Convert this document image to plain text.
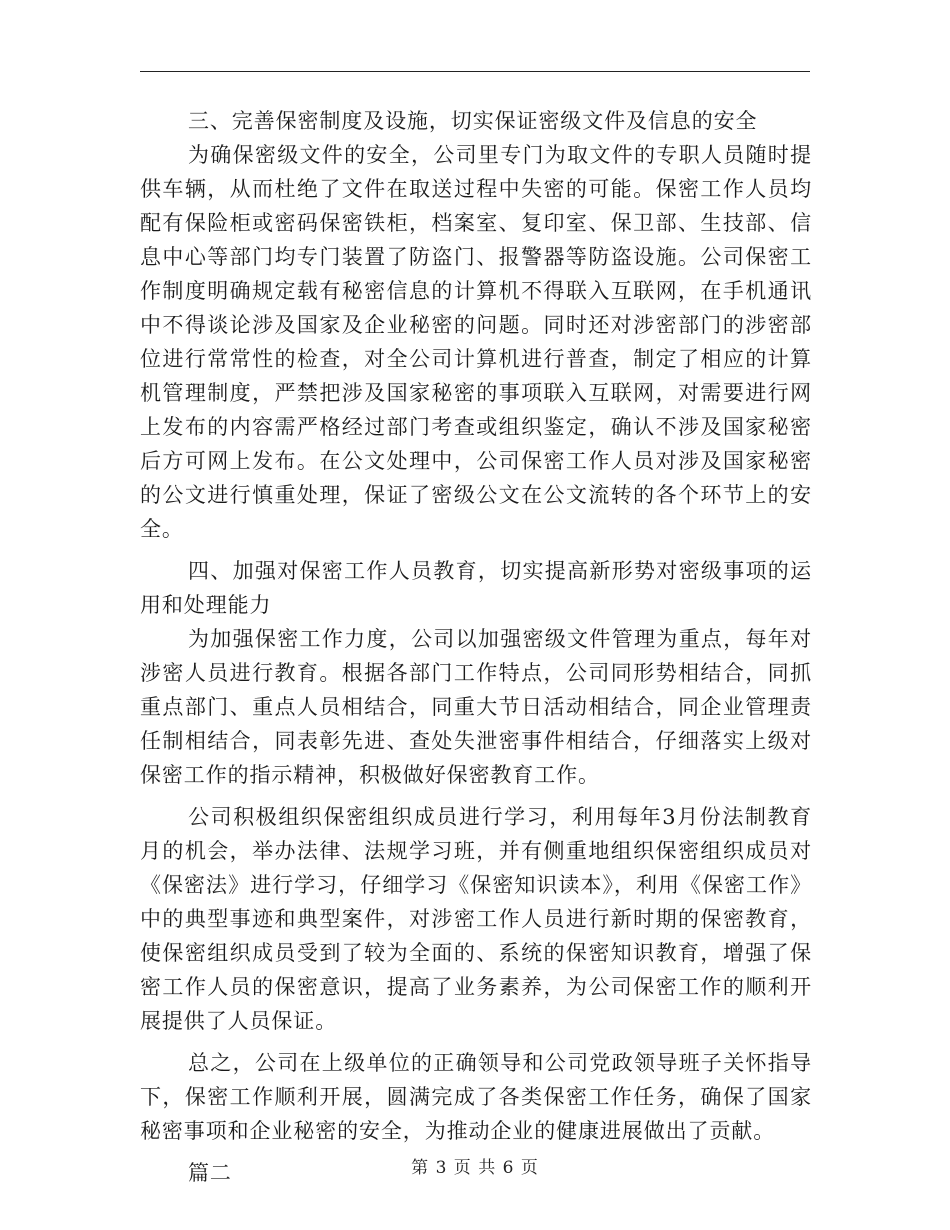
三、完善保密制度及设施，切实保证密级文件及信息的安全

为确保密级文件的安全，公司里专门为取文件的专职人员随时提供车辆，从而杜绝了文件在取送过程中失密的可能。保密工作人员均配有保险柜或密码保密铁柜，档案室、复印室、保卫部、生技部、信息中心等部门均专门装置了防盗门、报警器等防盗设施。公司保密工作制度明确规定载有秘密信息的计算机不得联入互联网，在手机通讯中不得谈论涉及国家及企业秘密的问题。同时还对涉密部门的涉密部位进行常常性的检查，对全公司计算机进行普查，制定了相应的计算机管理制度，严禁把涉及国家秘密的事项联入互联网，对需要进行网上发布的内容需严格经过部门考查或组织鉴定，确认不涉及国家秘密后方可网上发布。在公文处理中，公司保密工作人员对涉及国家秘密的公文进行慎重处理，保证了密级公文在公文流转的各个环节上的安全。

四、加强对保密工作人员教育，切实提高新形势对密级事项的运用和处理能力

为加强保密工作力度，公司以加强密级文件管理为重点，每年对涉密人员进行教育。根据各部门工作特点，公司同形势相结合，同抓重点部门、重点人员相结合，同重大节日活动相结合，同企业管理责任制相结合，同表彰先进、查处失泄密事件相结合，仔细落实上级对保密工作的指示精神，积极做好保密教育工作。

公司积极组织保密组织成员进行学习，利用每年3月份法制教育月的机会，举办法律、法规学习班，并有侧重地组织保密组织成员对《保密法》进行学习，仔细学习《保密知识读本》，利用《保密工作》中的典型事迹和典型案件，对涉密工作人员进行新时期的保密教育，使保密组织成员受到了较为全面的、系统的保密知识教育，增强了保密工作人员的保密意识，提高了业务素养，为公司保密工作的顺利开展提供了人员保证。

总之，公司在上级单位的正确领导和公司党政领导班子关怀指导下，保密工作顺利开展，圆满完成了各类保密工作任务，确保了国家秘密事项和企业秘密的安全，为推动企业的健康进展做出了贡献。

篇二	第 3 页 共 6 页
